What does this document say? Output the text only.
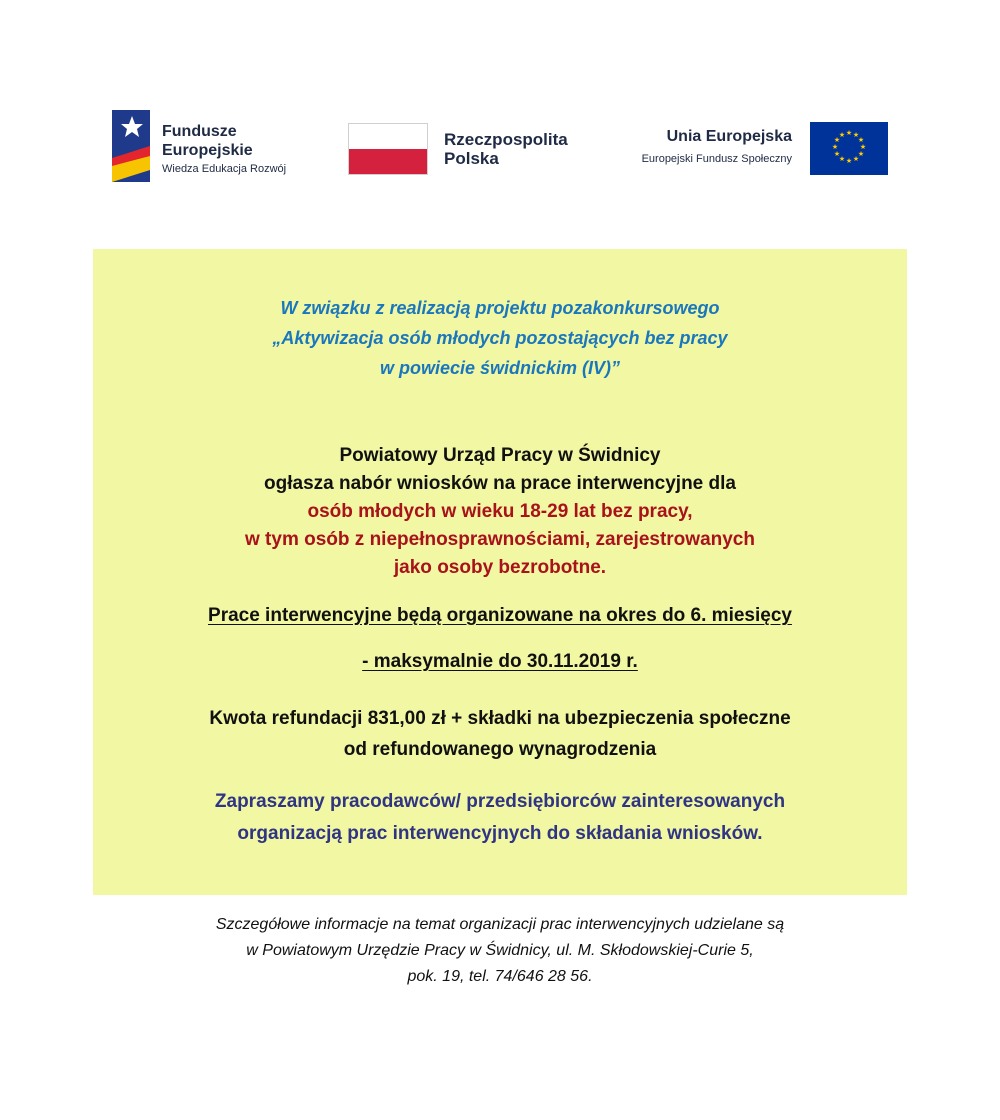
Fundusze
Europejskie
Wiedza Edukacja Rozwój
Rzeczpospolita
Polska
Unia Europejska
Europejski Fundusz Społeczny
★ ★
★
★
★
★
★
★
★
★
★
★
W związku z realizacją projektu pozakonkursowego
„Aktywizacja osób młodych pozostających bez pracy
w powiecie świdnickim (IV)”
Powiatowy Urząd Pracy w Świdnicy
ogłasza nabór wniosków na prace interwencyjne dla
osób młodych w wieku 18-29 lat bez pracy,
w tym osób z niepełnosprawnościami, zarejestrowanych
jako osoby bezrobotne.
Prace interwencyjne będą organizowane na okres do 6. miesięcy
- maksymalnie do 30.11.2019 r.
Kwota refundacji 831,00 zł + składki na ubezpieczenia społeczne
od refundowanego wynagrodzenia
Zapraszamy pracodawców/ przedsiębiorców zainteresowanych
organizacją prac interwencyjnych do składania wniosków.
Szczegółowe informacje na temat organizacji prac interwencyjnych udzielane są
w Powiatowym Urzędzie Pracy w Świdnicy, ul. M. Skłodowskiej-Curie 5,
pok. 19, tel. 74/646 28 56.
